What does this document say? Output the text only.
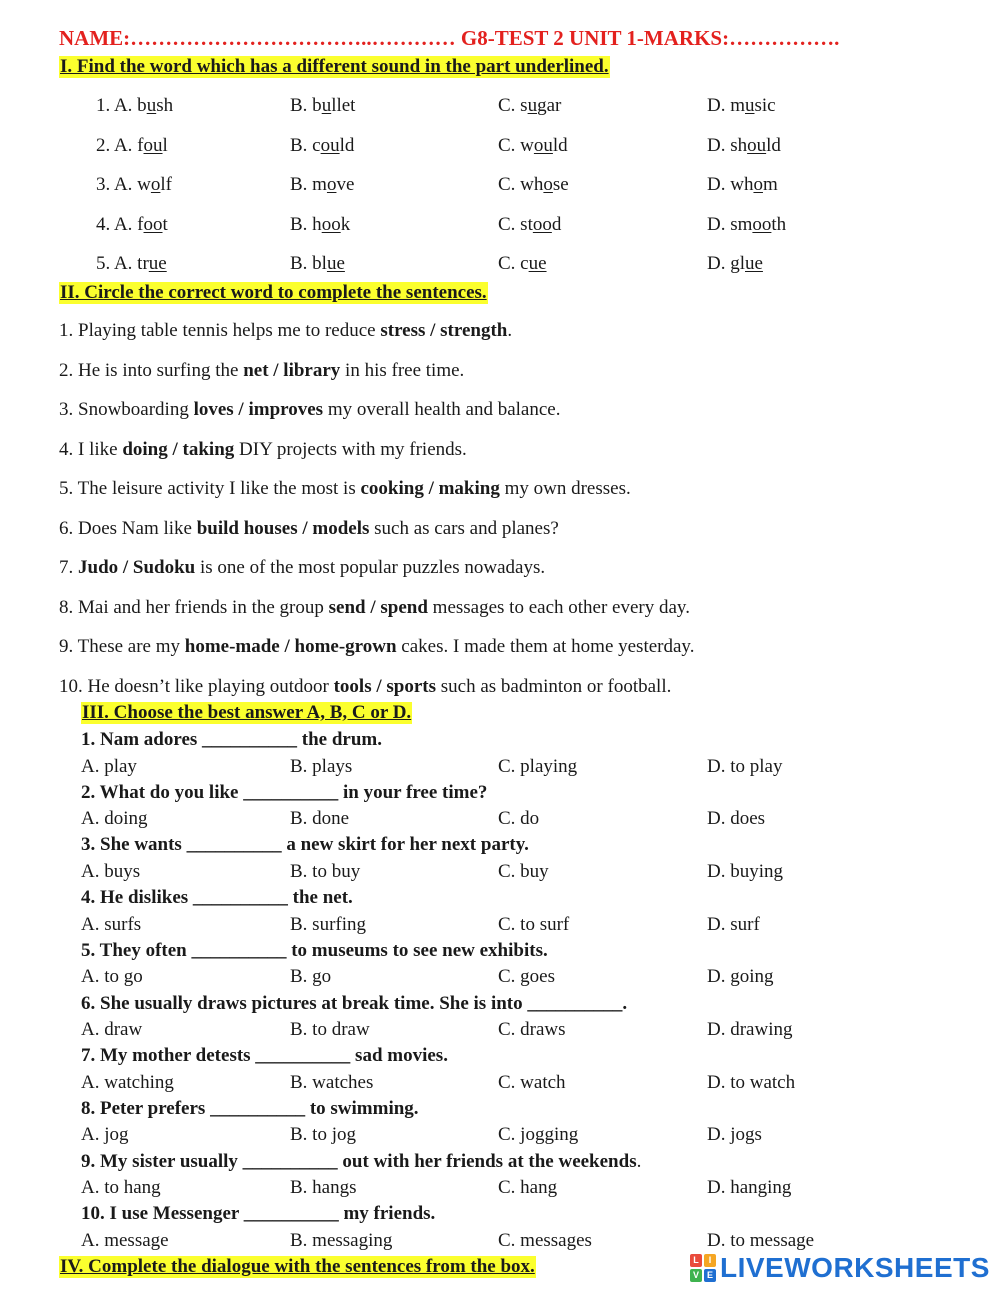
NAME:……………………………..………… G8-TEST 2 UNIT 1-MARKS:…………….
I. Find the word which has a different sound in the part underlined.
1. A. bush	B. bullet	C. sugar	D. music
2. A. foul	B. could	C. would	D. should
3. A. wolf	B. move	C. whose	D. whom
4. A. foot	B. hook	C. stood	D. smooth
5. A. true	B. blue	C. cue	D. glue
II. Circle the correct word to complete the sentences.
1. Playing table tennis helps me to reduce stress / strength.
2. He is into surfing the net / library in his free time.
3. Snowboarding loves / improves my overall health and balance.
4. I like doing / taking DIY projects with my friends.
5. The leisure activity I like the most is cooking / making my own dresses.
6. Does Nam like build houses / models such as cars and planes?
7. Judo / Sudoku is one of the most popular puzzles nowadays.
8. Mai and her friends in the group send / spend messages to each other every day.
9. These are my home-made / home-grown cakes. I made them at home yesterday.
10. He doesn’t like playing outdoor tools / sports such as badminton or football.
III. Choose the best answer A, B, C or D.
1. Nam adores __________ the drum.
A. play	B. plays	C. playing	D. to play
2. What do you like __________ in your free time?
A. doing	B. done	C. do	D. does
3. She wants __________ a new skirt for her next party.
A. buys	B. to buy	C. buy	D. buying
4. He dislikes __________ the net.
A. surfs	B. surfing	C. to surf	D. surf
5. They often __________ to museums to see new exhibits.
A. to go	B. go	C. goes	D. going
6. She usually draws pictures at break time. She is into __________.
A. draw	B. to draw	C. draws	D. drawing
7. My mother detests __________ sad movies.
A. watching	B. watches	C. watch	D. to watch
8. Peter prefers __________ to swimming.
A. jog	B. to jog	C. jogging	D. jogs
9. My sister usually __________ out with her friends at the weekends.
A. to hang	B. hangs	C. hang	D. hanging
10. I use Messenger __________ my friends.
A. message	B. messaging	C. messages	D. to message
IV. Complete the dialogue with the sentences from the box.	L	I
V E LIVEWORKSHEETS
